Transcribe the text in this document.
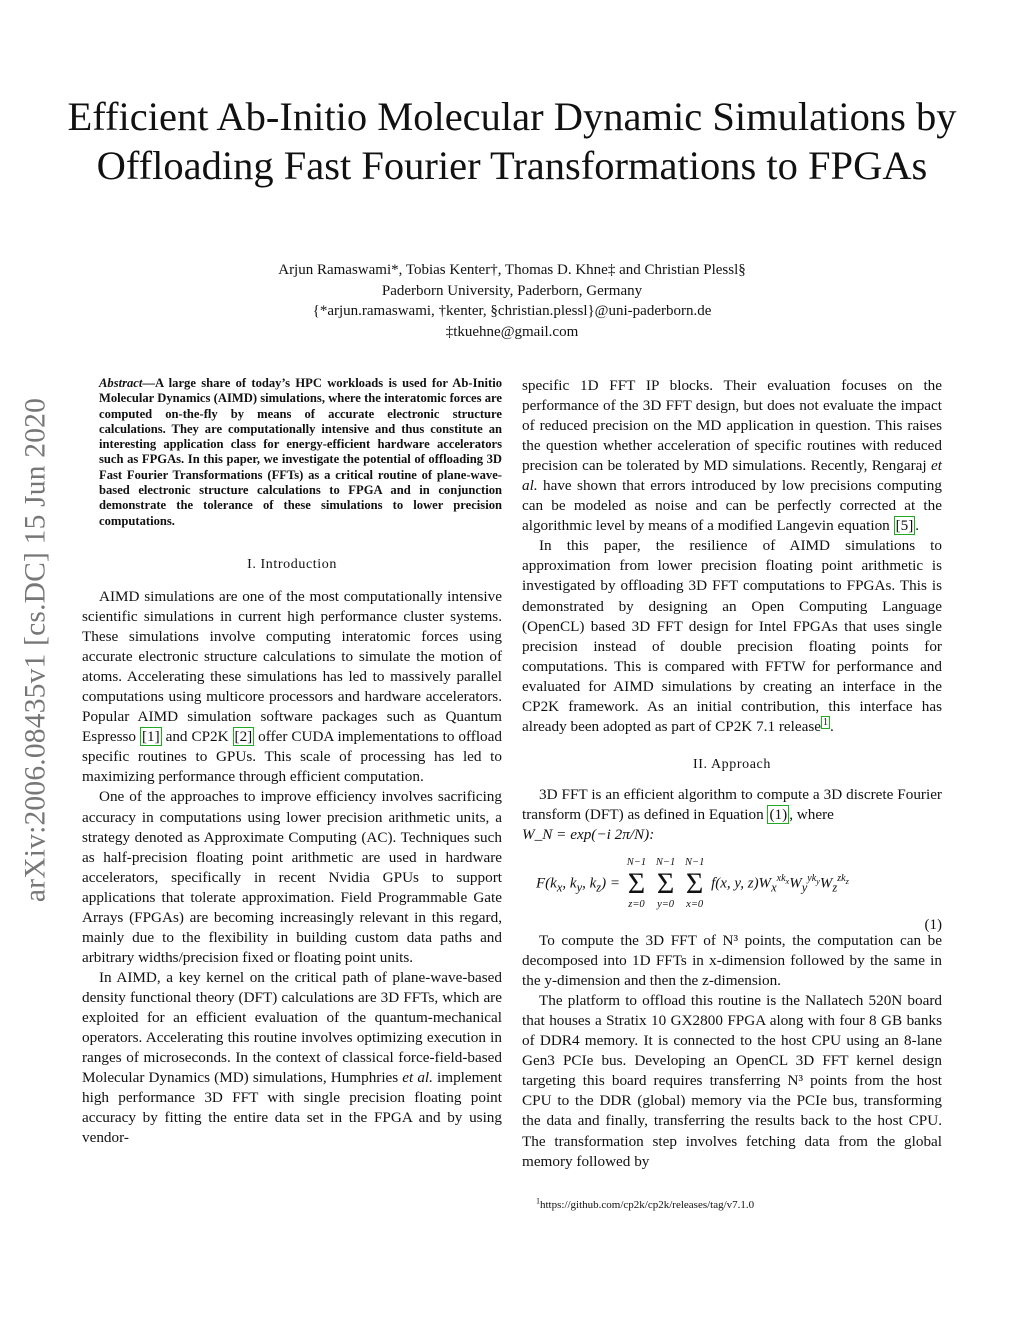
arXiv:2006.08435v1 [cs.DC] 15 Jun 2020
Efficient Ab-Initio Molecular Dynamic Simulations by Offloading Fast Fourier Transformations to FPGAs
Arjun Ramaswami*, Tobias Kenter†, Thomas D. Khne‡ and Christian Plessl§
Paderborn University, Paderborn, Germany
{*arjun.ramaswami, †kenter, §christian.plessl}@uni-paderborn.de
‡tkuehne@gmail.com

Abstract—A large share of today’s HPC workloads is used for Ab-Initio Molecular Dynamics (AIMD) simulations, where the interatomic forces are computed on-the-fly by means of accurate electronic structure calculations. They are computationally intensive and thus constitute an interesting application class for energy-efficient hardware accelerators such as FPGAs. In this paper, we investigate the potential of offloading 3D Fast Fourier Transformations (FFTs) as a critical routine of plane-wave-based electronic structure calculations to FPGA and in conjunction demonstrate the tolerance of these simulations to lower precision computations.

I. Introduction

AIMD simulations are one of the most computationally intensive scientific simulations in current high performance cluster systems. These simulations involve computing interatomic forces using accurate electronic structure calculations to simulate the motion of atoms. Accelerating these simulations has led to massively parallel computations using multicore processors and hardware accelerators. Popular AIMD simulation software packages such as Quantum Espresso [1] and CP2K [2] offer CUDA implementations to offload specific routines to GPUs. This scale of processing has led to maximizing performance through efficient computation.

One of the approaches to improve efficiency involves sacrificing accuracy in computations using lower precision arithmetic units, a strategy denoted as Approximate Computing (AC). Techniques such as half-precision floating point arithmetic are used in hardware accelerators, specifically in recent Nvidia GPUs to support applications that tolerate approximation. Field Programmable Gate Arrays (FPGAs) are becoming increasingly relevant in this regard, mainly due to the flexibility in building custom data paths and arbitrary widths/precision fixed or floating point units.

In AIMD, a key kernel on the critical path of plane-wave-based density functional theory (DFT) calculations are 3D FFTs, which are exploited for an efficient evaluation of the quantum-mechanical operators. Accelerating this routine involves optimizing execution in ranges of microseconds. In the context of classical force-field-based Molecular Dynamics (MD) simulations, Humphries et al. implement high performance 3D FFT with single precision floating point accuracy by fitting the entire data set in the FPGA and by using vendor-

specific 1D FFT IP blocks. Their evaluation focuses on the performance of the 3D FFT design, but does not evaluate the impact of reduced precision on the MD application in question. This raises the question whether acceleration of specific routines with reduced precision can be tolerated by MD simulations. Recently, Rengaraj et al. have shown that errors introduced by low precisions computing can be modeled as noise and can be perfectly corrected at the algorithmic level by means of a modified Langevin equation [5] .

In this paper, the resilience of AIMD simulations to approximation from lower precision floating point arithmetic is investigated by offloading 3D FFT computations to FPGAs. This is demonstrated by designing an Open Computing Language (OpenCL) based 3D FFT design for Intel FPGAs that uses single precision instead of double precision floating points for computations. This is compared with FFTW for performance and evaluated for AIMD simulations by creating an interface in the CP2K framework. As an initial contribution, this interface has already been adopted as part of CP2K 7.1 release $^1$ .

II. Approach

3D FFT is an efficient algorithm to compute a 3D discrete Fourier transform (DFT) as defined in Equation (1) , where
W_N = exp(−i 2π/N):

$F(k_x$, $k_y$, $k_z$) =
N−1
Σ
z=0

N−1
Σ
y=0

N−1
Σ
x=0
f(x, y, $z)W_x^{xk_x}W_y^{yk_y}W_z^{zk_z}$
(1)

To compute the 3D FFT of N³ points, the computation can be decomposed into 1D FFTs in x-dimension followed by the same in the y-dimension and then the z-dimension.

The platform to offload this routine is the Nallatech 520N board that houses a Stratix 10 GX2800 FPGA along with four 8 GB banks of DDR4 memory. It is connected to the host CPU using an 8-lane Gen3 PCIe bus. Developing an OpenCL 3D FFT kernel design targeting this board requires transferring N³ points from the host CPU to the DDR (global) memory via the PCIe bus, transforming the data and finally, transferring the results back to the host CPU. The transformation step involves fetching data from the global memory followed by

$^1$https://github.com/cp2k/cp2k/releases/tag/v7.1.0
